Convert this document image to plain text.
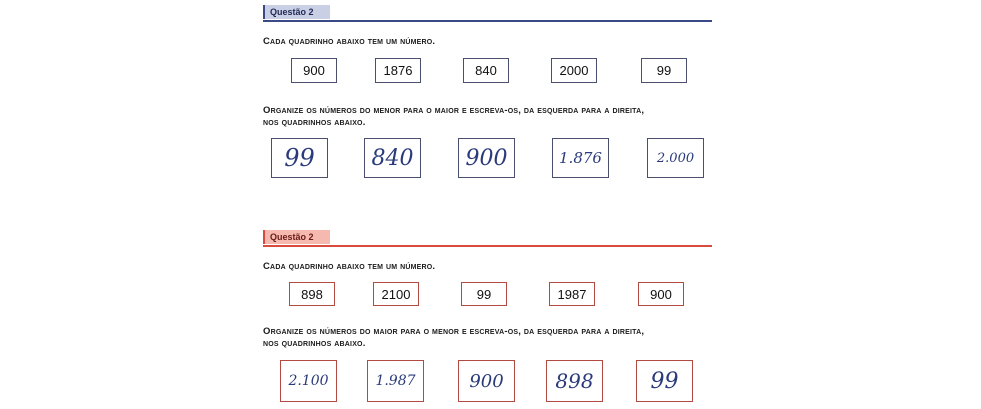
Questão 2
Cada quadrinho abaixo tem um número.
900	1876	840	2000	99
Organize os números do menor para o maior e escreva-os, da esquerda para a direita,
nos quadrinhos abaixo.
99	840	900	1.876	2.000
Questão 2
Cada quadrinho abaixo tem um número.
898	2100	99	1987	900
Organize os números do maior para o menor e escreva-os, da esquerda para a direita,
nos quadrinhos abaixo.
2.100	1.987	900	898	99
